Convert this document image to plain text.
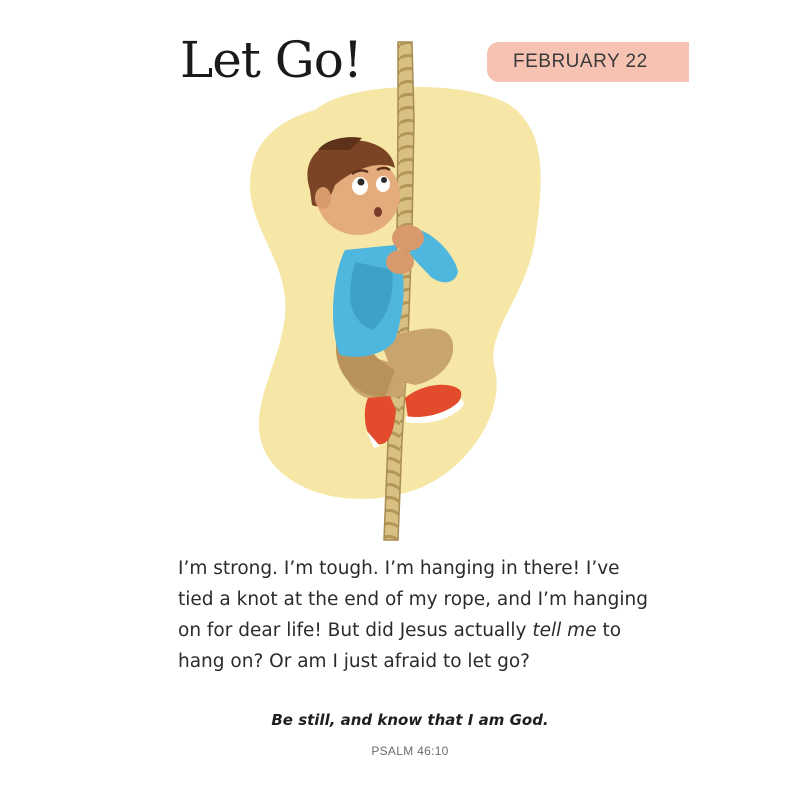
Let Go!	FEBRUARY 22

I’m strong. I’m tough. I’m hanging in there! I’ve tied a knot at the end of my rope, and I’m hanging on for dear life! But did Jesus actually tell me to hang on? Or am I just afraid to let go?

Be still, and know that I am God.
PSALM 46:10
